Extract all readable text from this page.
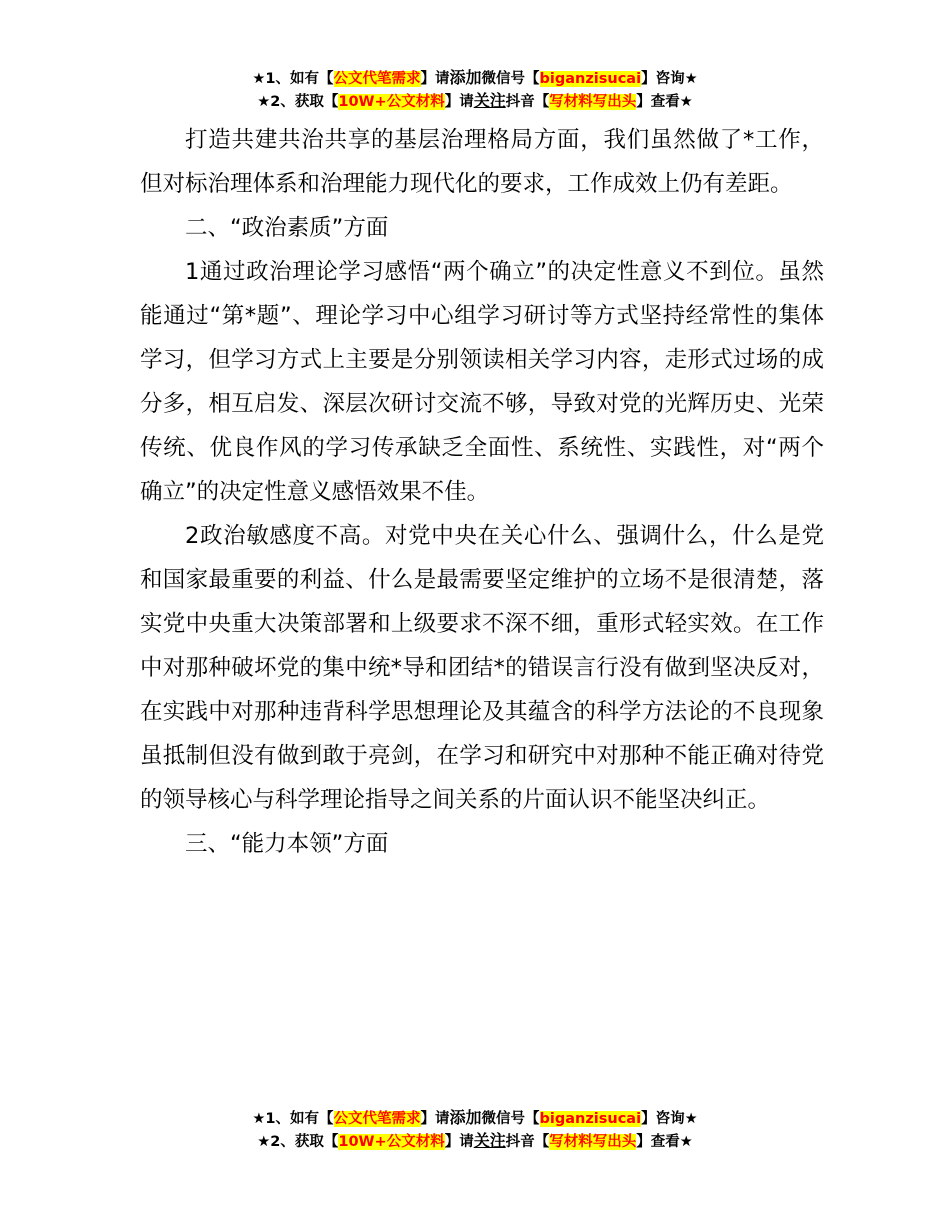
★1、如有【公文代笔需求】请添加微信号【biganzisucai】咨询★
★2、获取【10W+公文材料】请关注抖音【写材料写出头】查看★

打造共建共治共享的基层治理格局方面，我们虽然做了*工作，但对标治理体系和治理能力现代化的要求，工作成效上仍有差距。

二、“政治素质”方面

1通过政治理论学习感悟“两个确立”的决定性意义不到位。虽然能通过“第*题”、理论学习中心组学习研讨等方式坚持经常性的集体学习，但学习方式上主要是分别领读相关学习内容，走形式过场的成分多，相互启发、深层次研讨交流不够，导致对党的光辉历史、光荣传统、优良作风的学习传承缺乏全面性、系统性、实践性，对“两个确立”的决定性意义感悟效果不佳。

2政治敏感度不高。对党中央在关心什么、强调什么，什么是党和国家最重要的利益、什么是最需要坚定维护的立场不是很清楚，落实党中央重大决策部署和上级要求不深不细，重形式轻实效。在工作中对那种破坏党的集中统*导和团结*的错误言行没有做到坚决反对，在实践中对那种违背科学思想理论及其蕴含的科学方法论的不良现象虽抵制但没有做到敢于亮剑，在学习和研究中对那种不能正确对待党的领导核心与科学理论指导之间关系的片面认识不能坚决纠正。

三、“能力本领”方面

★1、如有【公文代笔需求】请添加微信号【biganzisucai】咨询★
★2、获取【10W+公文材料】请关注抖音【写材料写出头】查看★
